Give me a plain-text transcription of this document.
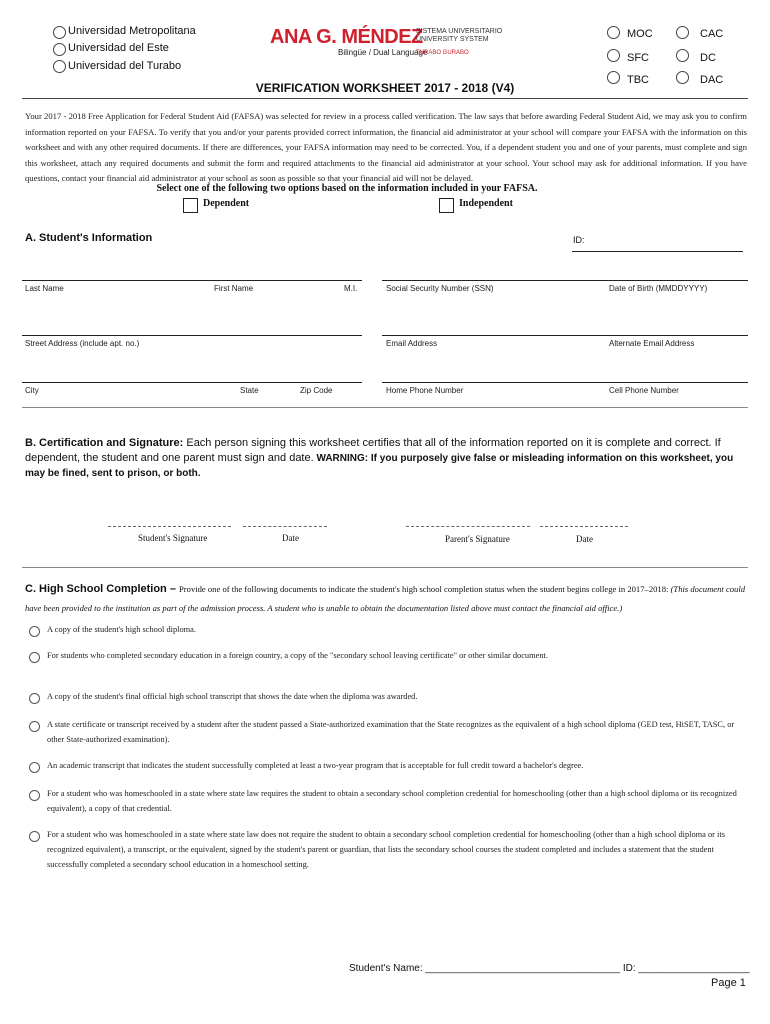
Universidad Metropolitana
Universidad del Este
Universidad del Turabo
ANA G. MÉNDEZ
SISTEMA UNIVERSITARIO
UNIVERSITY SYSTEM
Bilingüe / Dual Language
TURABO GURABO
MOC
SFC
TBC
CAC
DC
DAC
VERIFICATION WORKSHEET 2017 - 2018 (V4)
Your 2017 - 2018 Free Application for Federal Student Aid (FAFSA) was selected for review in a process called verification. The law says that before awarding Federal Student Aid, we may ask you to confirm information reported on your FAFSA. To verify that you and/or your parents provided correct information, the financial aid administrator at your school will compare your FAFSA with the information on this worksheet and with any other required documents. If there are differences, your FAFSA information may need to be corrected. You, if a dependent student you and one of your parents, must complete and sign this worksheet, attach any required documents and submit the form and required attachments to the financial aid administrator at your school. Your school may ask for additional information. If you have questions, contact your financial aid administrator at your school as soon as possible so that your financial aid will not be delayed.
Select one of the following two options based on the information included in your FAFSA.
Dependent	Independent
A. Student's Information	ID:
Last Name	First Name	M.I.	Social Security Number (SSN)	Date of Birth (MMDDYYYY)
Street Address (include apt. no.)	Email Address	Alternate Email Address
City	State	Zip Code	Home Phone Number	Cell Phone Number
B. Certification and Signature: Each person signing this worksheet certifies that all of the information reported on it is complete and correct. If dependent, the student and one parent must sign and date. WARNING: If you purposely give false or misleading information on this worksheet, you may be fined, sent to prison, or both.
Student's Signature	Date	Parent's Signature	Date
C. High School Completion – Provide one of the following documents to indicate the student's high school completion status when the student begins college in 2017–2018: (This document could have been provided to the institution as part of the admission process. A student who is unable to obtain the documentation listed above must contact the financial aid office.)
A copy of the student's high school diploma.
For students who completed secondary education in a foreign country, a copy of the "secondary school leaving certificate" or other similar document.
A copy of the student's final official high school transcript that shows the date when the diploma was awarded.
A state certificate or transcript received by a student after the student passed a State-authorized examination that the State recognizes as the equivalent of a high school diploma (GED test, HiSET, TASC, or other State-authorized examination).
An academic transcript that indicates the student successfully completed at least a two-year program that is acceptable for full credit toward a bachelor's degree.
For a student who was homeschooled in a state where state law requires the student to obtain a secondary school completion credential for homeschooling (other than a high school diploma or its recognized equivalent), a copy of that credential.
For a student who was homeschooled in a state where state law does not require the student to obtain a secondary school completion credential for homeschooling (other than a high school diploma or its recognized equivalent), a transcript, or the equivalent, signed by the student's parent or guardian, that lists the secondary school courses the student completed and includes a statement that the student successfully completed a secondary school education in a homeschool setting.
Student's Name: ___________________________________ ID: ____________________
Page 1
